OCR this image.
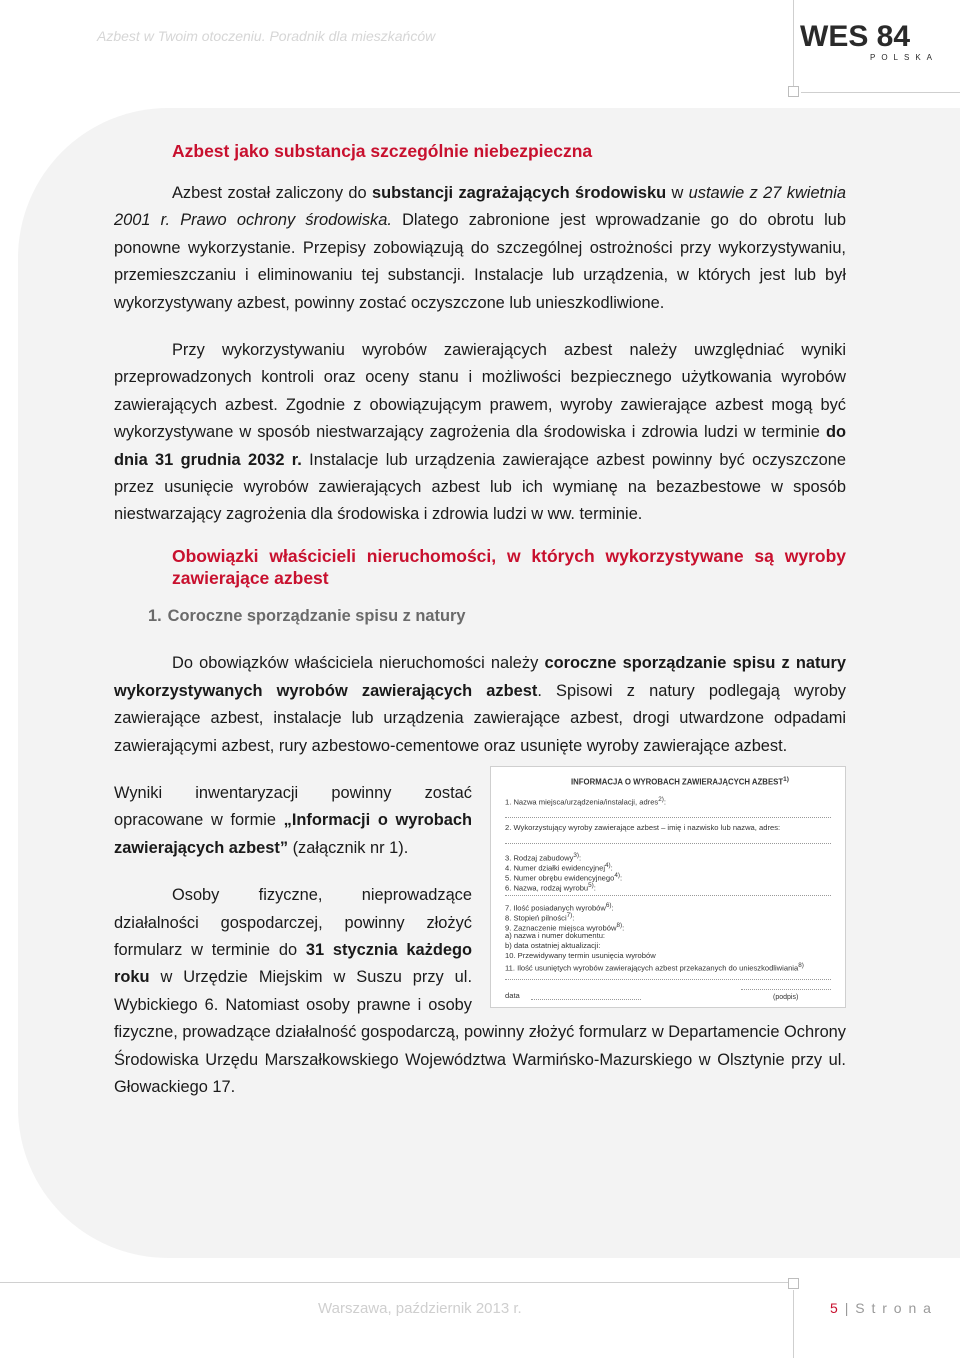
Azbest w Twoim otoczeniu. Poradnik dla mieszkańców	WES 84
POLSKA
Azbest jako substancja szczególnie niebezpieczna

Azbest został zaliczony do substancji zagrażających środowisku w ustawie z 27 kwietnia 2001 r. Prawo ochrony środowiska. Dlatego zabronione jest wprowadzanie go do obrotu lub ponowne wykorzystanie. Przepisy zobowiązują do szczególnej ostrożności przy wykorzystywaniu, przemieszczaniu i eliminowaniu tej substancji. Instalacje lub urządzenia, w których jest lub był wykorzystywany azbest, powinny zostać oczyszczone lub unieszkodliwione.

Przy wykorzystywaniu wyrobów zawierających azbest należy uwzględniać wyniki przeprowadzonych kontroli oraz oceny stanu i możliwości bezpiecznego użytkowania wyrobów zawierających azbest. Zgodnie z obowiązującym prawem, wyroby zawierające azbest mogą być wykorzystywane w sposób niestwarzający zagrożenia dla środowiska i zdrowia ludzi w terminie do dnia 31 grudnia 2032 r. Instalacje lub urządzenia zawierające azbest powinny być oczyszczone przez usunięcie wyrobów zawierających azbest lub ich wymianę na bezazbestowe w sposób niestwarzający zagrożenia dla środowiska i zdrowia ludzi w ww. terminie.

Obowiązki właścicieli nieruchomości, w których wykorzystywane są wyroby zawierające azbest
1. Coroczne sporządzanie spisu z natury

Do obowiązków właściciela nieruchomości należy coroczne sporządzanie spisu z natury wykorzystywanych wyrobów zawierających azbest. Spisowi z natury podlegają wyroby zawierające azbest, instalacje lub urządzenia zawierające azbest, drogi utwardzone odpadami zawierającymi azbest, rury azbestowo-cementowe oraz usunięte wyroby zawierające azbest.

INFORMACJA O WYROBACH ZAWIERAJĄCYCH AZBEST$^{1)}$
1. Nazwa miejsca/urządzenia/instalacji, adres$^{2)}$:
2. Wykorzystujący wyroby zawierające azbest – imię i nazwisko lub nazwa, adres:
3. Rodzaj zabudowy$^{3)}$:
4. Numer działki ewidencyjnej$^{4)}$:
5. Numer obrębu ewidencyjnego$^{4)}$:
6. Nazwa, rodzaj wyrobu$^{5)}$:
7. Ilość posiadanych wyrobów$^{6)}$:
8. Stopień pilności$^{7)}$:
9. Zaznaczenie miejsca wyrobów$^{8)}$:
a) nazwa i numer dokumentu:
b) data ostatniej aktualizacji:
10. Przewidywany termin usunięcia wyrobów
11. Ilość usuniętych wyrobów zawierających azbest przekazanych do unieszkodliwiania$^{8)}$
data	(podpis)

Wyniki inwentaryzacji powinny zostać opracowane w formie „Informacji o wyrobach zawierających azbest” (załącznik nr 1).

Osoby fizyczne, nieprowadzące działalności gospodarczej, powinny złożyć formularz w terminie do 31 stycznia każdego roku w Urzędzie Miejskim w Suszu przy ul. Wybickiego 6. Natomiast osoby prawne i osoby fizyczne, prowadzące działalność gospodarczą, powinny złożyć formularz w Departamencie Ochrony Środowiska Urzędu Marszałkowskiego Województwa Warmińsko-Mazurskiego w Olsztynie przy ul. Głowackiego 17.

Warszawa, październik 2013 r.	5 | S t r o n a
